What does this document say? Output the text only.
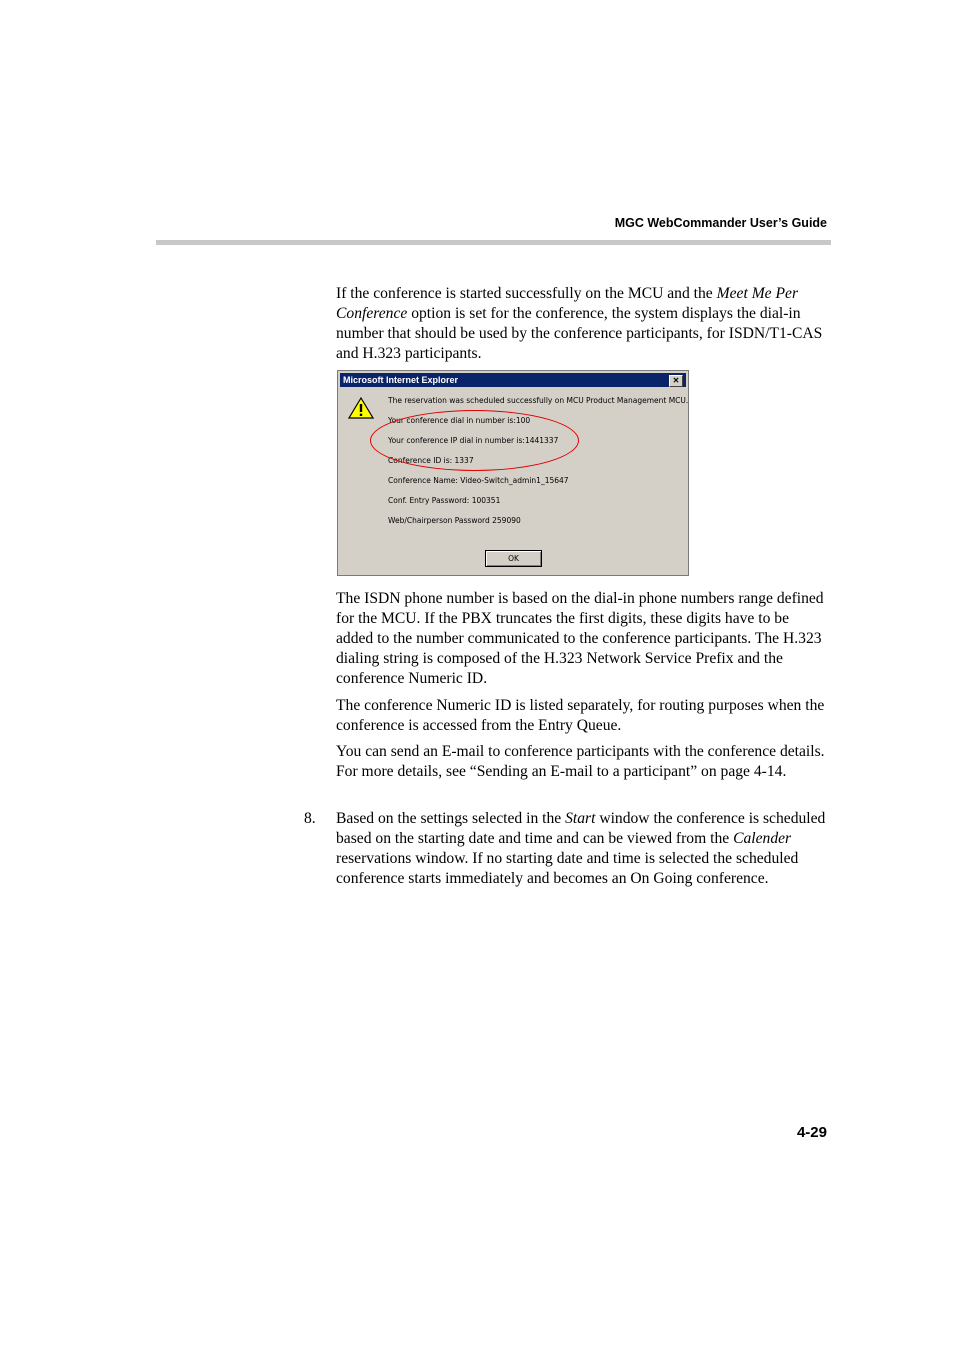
MGC WebCommander User’s Guide

If the conference is started successfully on the MCU and the Meet Me Per Conference option is set for the conference, the system displays the dial-in number that should be used by the conference participants, for ISDN/T1-CAS and H.323 participants.

Microsoft Internet Explorer	✕
The reservation was scheduled successfully on MCU Product Management MCU.
Your conference dial in number is:100
Your conference IP dial in number is:1441337
Conference ID is: 1337
Conference Name: Video-Switch_admin1_15647
Conf. Entry Password: 100351
Web/Chairperson Password 259090
OK

The ISDN phone number is based on the dial-in phone numbers range defined for the MCU. If the PBX truncates the first digits, these digits have to be added to the number communicated to the conference participants. The H.323 dialing string is composed of the H.323 Network Service Prefix and the conference Numeric ID.

The conference Numeric ID is listed separately, for routing purposes when the conference is accessed from the Entry Queue.

You can send an E-mail to conference participants with the conference details. For more details, see “Sending an E-mail to a participant” on page 4-14.

8. Based on the settings selected in the Start window the conference is scheduled based on the starting date and time and can be viewed from the Calender reservations window. If no starting date and time is selected the scheduled conference starts immediately and becomes an On Going conference.

4-29
